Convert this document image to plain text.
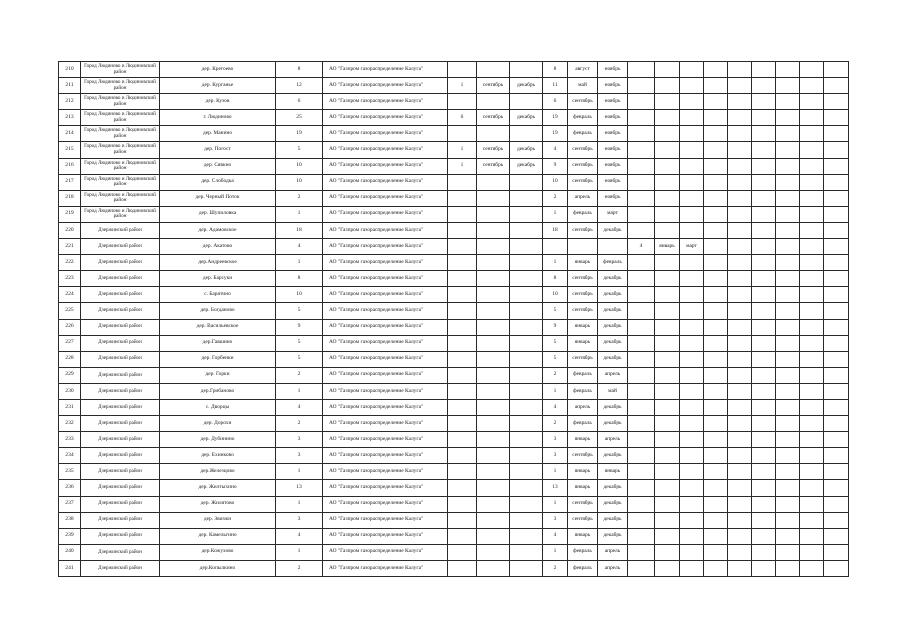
210	Город Людиново и Людиновский район	дер. Крегоево	8	АО "Газпром газораспределение Калуга"				8	август	ноябрь									
211	Город Людиново и Людиновский район	дер. Курганье	12	АО "Газпром газораспределение Калуга"	1	сентябрь	декабрь	11	май	ноябрь									
212	Город Людиново и Людиновский район	дер. Кузов	6	АО "Газпром газораспределение Калуга"				6	сентябрь	ноябрь									
213	Город Людиново и Людиновский район	г. Людиново	25	АО "Газпром газораспределение Калуга"	6	сентябрь	декабрь	19	февраль	ноябрь									
214	Город Людиново и Людиновский район	дер. Манино	19	АО "Газпром газораспределение Калуга"				19	февраль	ноябрь									
215	Город Людиново и Людиновский район	дер. Погост	5	АО "Газпром газораспределение Калуга"	1	сентябрь	декабрь	4	сентябрь	ноябрь									
216	Город Людиново и Людиновский район	дер. Сявкно	10	АО "Газпром газораспределение Калуга"	1	сентябрь	декабрь	9	сентябрь	ноябрь									
217	Город Людиново и Людиновский район	дер. Слободка	10	АО "Газпром газораспределение Калуга"				10	сентябрь	ноябрь									
218	Город Людиново и Людиновский район	дер. Черный Поток	2	АО "Газпром газораспределение Калуга"				2	апрель	ноябрь									
219	Город Людиново и Людиновский район	дер. Шупиловка	1	АО "Газпром газораспределение Калуга"				1	февраль	март									
220	Дзержинский район	дер. Адамовское	18	АО "Газпром газораспределение Калуга"				18	сентябрь	декабрь									
221	Дзержинский район	дер. Акатово	4	АО "Газпром газораспределение Калуга"							4	январь	март						
222	Дзержинский район	дер.Андреевское	1	АО "Газпром газораспределение Калуга"				1	январь	февраль									
223	Дзержинский район	дер. Барсуки	8	АО "Газпром газораспределение Калуга"				8	сентябрь	декабрь									
224	Дзержинский район	с. Барятино	10	АО "Газпром газораспределение Калуга"				10	сентябрь	декабрь									
225	Дзержинский район	дер. Богданово	5	АО "Газпром газораспределение Калуга"				5	сентябрь	декабрь									
226	Дзержинский район	дер. Васильевское	9	АО "Газпром газораспределение Калуга"				9	январь	декабрь									
227	Дзержинский район	дер.Гавшино	5	АО "Газпром газораспределение Калуга"				5	январь	декабрь									
228	Дзержинский район	дер. Горбенки	5	АО "Газпром газораспределение Калуга"				5	сентябрь	декабрь									
229	Дзержинский район	дер. Горки	2	АО "Газпром газораспределение Калуга"				2	февраль	апрель									
230	Дзержинский район	дер.Грибаново	1	АО "Газпром газораспределение Калуга"				1	февраль	май									
231	Дзержинский район	с. Дворцы	4	АО "Газпром газораспределение Калуга"				4	апрель	декабрь									
232	Дзержинский район	дер. Дорохи	2	АО "Газпром газораспределение Калуга"				2	февраль	декабрь									
233	Дзержинский район	дер. Дубинино	3	АО "Газпром газораспределение Калуга"				3	январь	апрель									
234	Дзержинский район	дер. Ехинково	3	АО "Газпром газораспределение Калуга"				3	сентябрь	декабрь									
235	Дзержинский район	дер.Железцово	1	АО "Газпром газораспределение Калуга"				1	январь	январь									
236	Дзержинский район	дер. Жилтыхино	13	АО "Газпром газораспределение Калуга"				13	январь	декабрь									
237	Дзержинский район	дер. Жилятово	1	АО "Газпром газораспределение Калуга"				1	сентябрь	декабрь									
238	Дзержинский район	дер. Звизжи	3	АО "Газпром газораспределение Калуга"				3	сентябрь	декабрь									
239	Дзержинский район	дер. Камельгино	4	АО "Газпром газораспределение Калуга"				4	январь	декабрь									
240	Дзержинский район	дер.Кожухово	1	АО "Газпром газораспределение Калуга"				1	февраль	апрель									
241	Дзержинский район	дер.Копылкино	2	АО "Газпром газораспределение Калуга"				2	февраль	апрель									
